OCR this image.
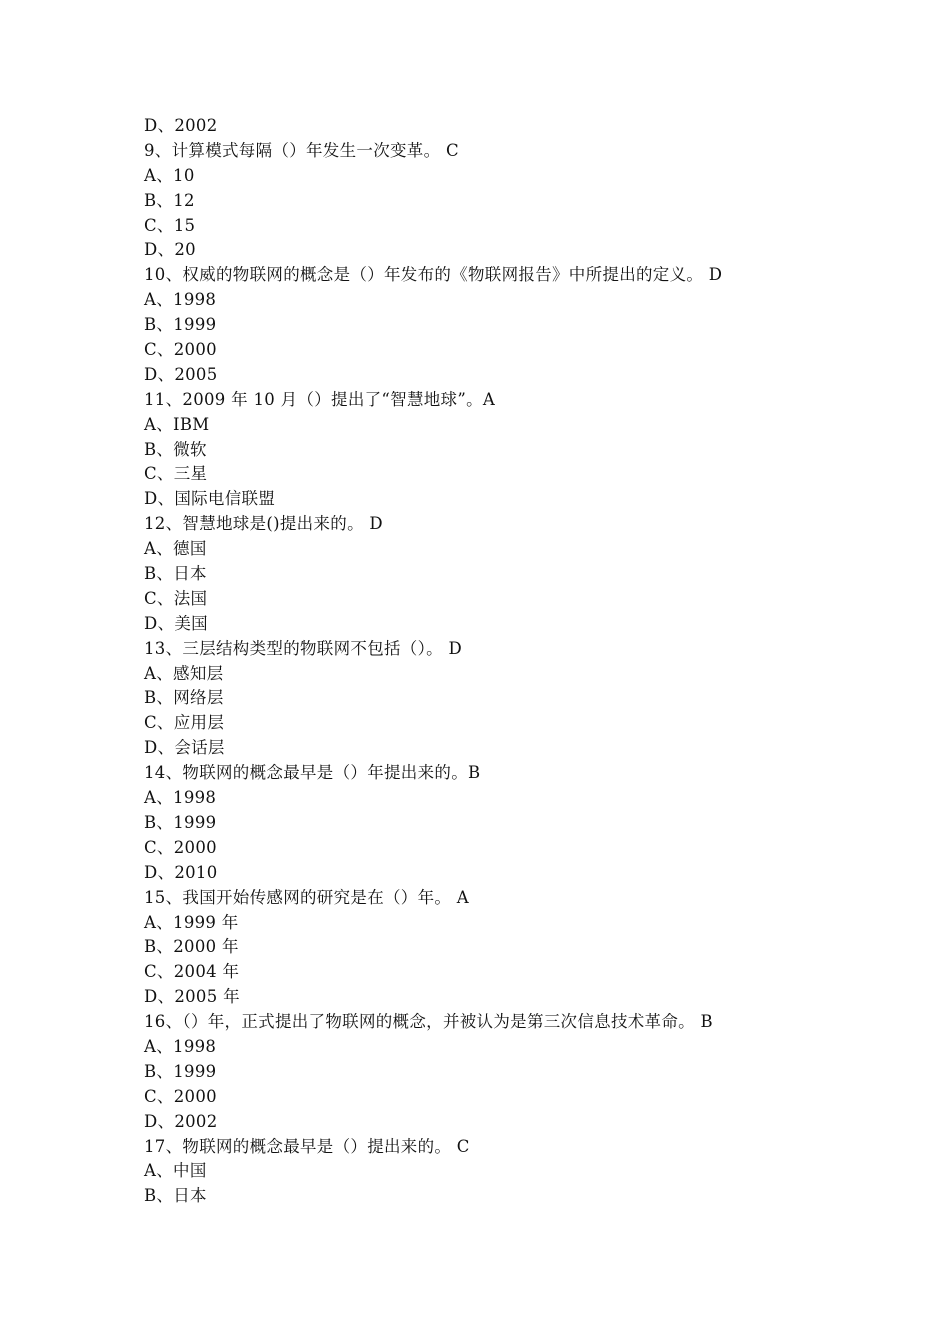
D、2002
9、计算模式每隔（）年发生一次变革。 C
A、10
B、12
C、15
D、20
10、权威的物联网的概念是（）年发布的《物联网报告》中所提出的定义。 D
A、1998
B、1999
C、2000
D、2005
11、2009 年 10 月（）提出了“智慧地球”。A
A、IBM
B、微软
C、三星
D、国际电信联盟
12、智慧地球是()提出来的。 D
A、德国
B、日本
C、法国
D、美国
13、三层结构类型的物联网不包括（）。 D
A、感知层
B、网络层
C、应用层
D、会话层
14、物联网的概念最早是（）年提出来的。B
A、1998
B、1999
C、2000
D、2010
15、我国开始传感网的研究是在（）年。 A
A、1999 年
B、2000 年
C、2004 年
D、2005 年
16、（）年，正式提出了物联网的概念，并被认为是第三次信息技术革命。 B
A、1998
B、1999
C、2000
D、2002
17、物联网的概念最早是（）提出来的。 C
A、中国
B、日本
